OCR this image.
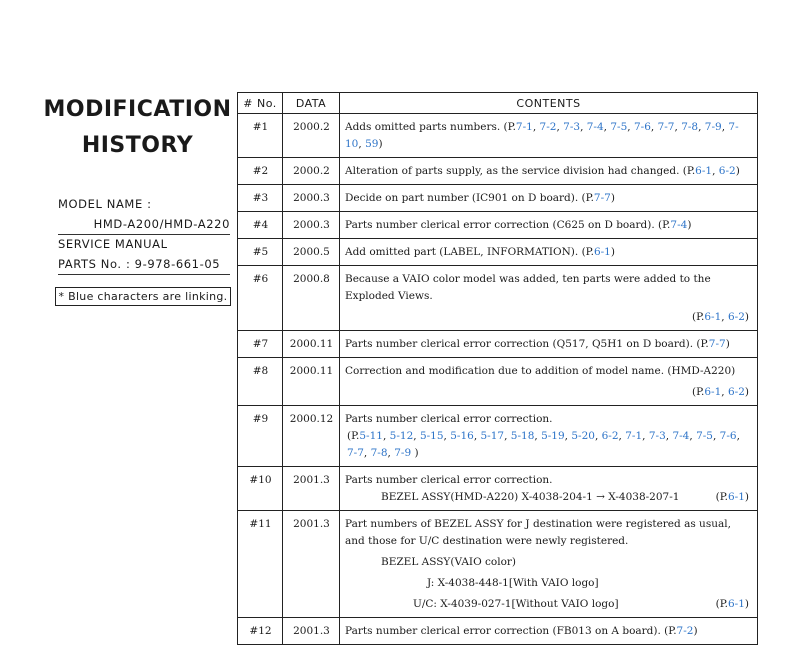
MODIFICATION
HISTORY
MODEL NAME :
HMD-A200/HMD-A220
SERVICE MANUAL
PARTS No. : 9-978-661-05
* Blue characters are linking.
# No.	DATA	CONTENTS
#1	2000.2	Adds omitted parts numbers. (P.7-1, 7-2, 7-3, 7-4, 7-5, 7-6, 7-7, 7-8, 7-9, 7-10, 59)

#2	2000.2	Alteration of parts supply, as the service division had changed. (P.6-1, 6-2)

#3	2000.3	Decide on part number (IC901 on D board). (P.7-7)

#4	2000.3	Parts number clerical error correction (C625 on D board). (P.7-4)

#5	2000.5	Add omitted part (LABEL, INFORMATION). (P.6-1)

#6	2000.8	Because a VAIO color model was added, ten parts were added to the Exploded Views.
(P.6-1, 6-2)

#7	2000.11	Parts number clerical error correction (Q517, Q5H1 on D board). (P.7-7)

#8	2000.11	Correction and modification due to addition of model name. (HMD-A220)
(P.6-1, 6-2)

#9	2000.12	Parts number clerical error correction.
(P.5-11, 5-12, 5-15, 5-16, 5-17, 5-18, 5-19, 5-20, 6-2, 7-1, 7-3, 7-4, 7-5, 7-6, 7-7, 7-8, 7-9 )

#10	2001.3	Parts number clerical error correction.
BEZEL ASSY(HMD-A220) X-4038-204-1 → X-4038-207-1 (P.6-1)

#11	2001.3	Part numbers of BEZEL ASSY for J destination were registered as usual, and those for U/C destination were newly registered.
BEZEL ASSY(VAIO color)
J: X-4038-448-1[With VAIO logo]
U/C: X-4039-027-1[Without VAIO logo] (P.6-1)

#12	2001.3	Parts number clerical error correction (FB013 on A board). (P.7-2)
